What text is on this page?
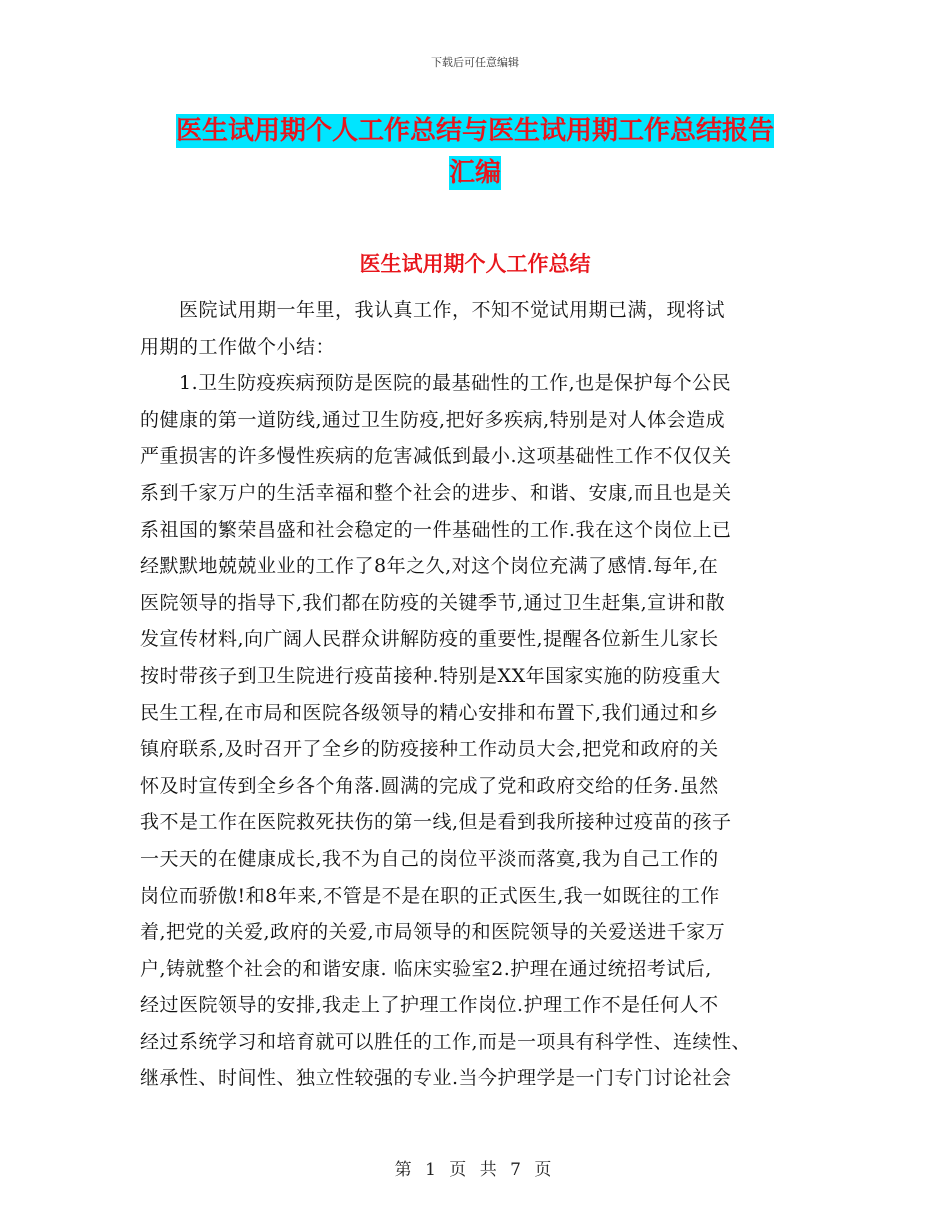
下载后可任意编辑
医生试用期个人工作总结与医生试用期工作总结报告
汇编
医生试用期个人工作总结
　　医院试用期一年里，我认真工作，不知不觉试用期已满，现将试
用期的工作做个小结：
　　1.卫生防疫疾病预防是医院的最基础性的工作,也是保护每个公民
的健康的第一道防线,通过卫生防疫,把好多疾病,特别是对人体会造成
严重损害的许多慢性疾病的危害减低到最小.这项基础性工作不仅仅关
系到千家万户的生活幸福和整个社会的进步、和谐、安康,而且也是关
系祖国的繁荣昌盛和社会稳定的一件基础性的工作.我在这个岗位上已
经默默地兢兢业业的工作了8年之久,对这个岗位充满了感情.每年,在
医院领导的指导下,我们都在防疫的关键季节,通过卫生赶集,宣讲和散
发宣传材料,向广阔人民群众讲解防疫的重要性,提醒各位新生儿家长
按时带孩子到卫生院进行疫苗接种.特别是XX年国家实施的防疫重大
民生工程,在市局和医院各级领导的精心安排和布置下,我们通过和乡
镇府联系,及时召开了全乡的防疫接种工作动员大会,把党和政府的关
怀及时宣传到全乡各个角落.圆满的完成了党和政府交给的任务.虽然
我不是工作在医院救死扶伤的第一线,但是看到我所接种过疫苗的孩子
一天天的在健康成长,我不为自己的岗位平淡而落寞,我为自己工作的
岗位而骄傲!和8年来,不管是不是在职的正式医生,我一如既往的工作
着,把党的关爱,政府的关爱,市局领导的和医院领导的关爱送进千家万
户,铸就整个社会的和谐安康. 临床实验室2.护理在通过统招考试后,
经过医院领导的安排,我走上了护理工作岗位.护理工作不是任何人不
经过系统学习和培育就可以胜任的工作,而是一项具有科学性、连续性、
继承性、时间性、独立性较强的专业.当今护理学是一门专门讨论社会
第 1 页 共 7 页
